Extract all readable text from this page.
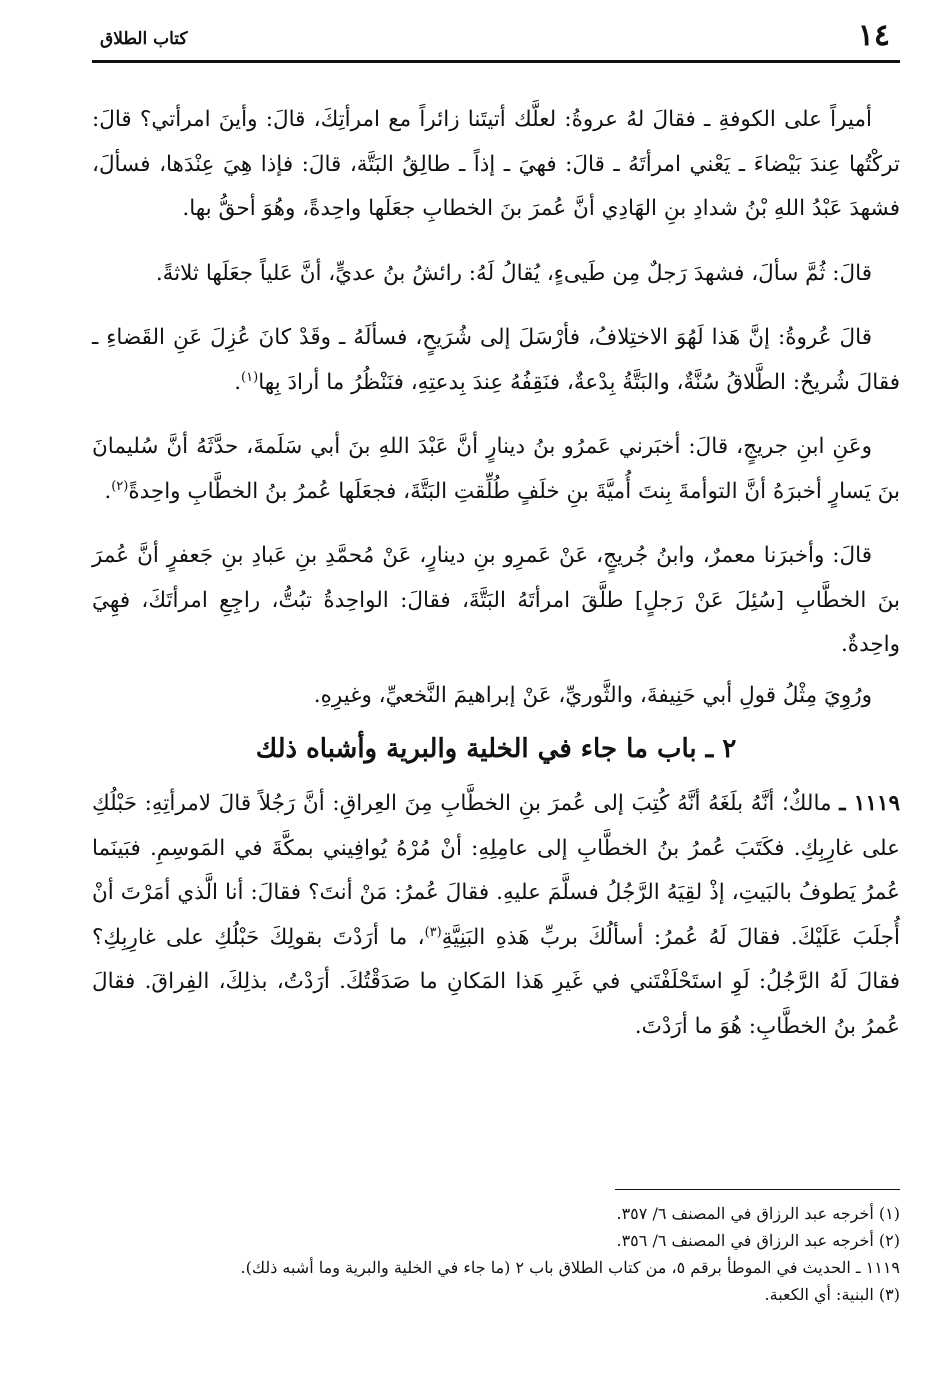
١٤
كتاب الطلاق

أميراً على الكوفةِ ـ فقالَ لهُ عروةُ: لعلَّك أتيتَنا زائراً مع امرأتِكَ، قالَ: وأينَ امرأتي؟ قالَ: تركْتُها عِندَ بَيْضاءَ ـ يَعْني امرأتَهُ ـ قالَ: فهيَ ـ إذاً ـ طالِقُ البَتَّة، قالَ: فإذا هِيَ عِنْدَها، فسألَ، فشهدَ عَبْدُ اللهِ بْنُ شدادِ بنِ الهَادِي أنَّ عُمرَ بنَ الخطابِ جعَلَها واحِدةً، وهُوَ أحقُّ بها.

قالَ: ثُمَّ سألَ، فشهدَ رَجلٌ مِن طَيىءٍ، يُقالُ لَهُ: رائشُ بنُ عديٍّ، أنَّ عَلياً جعَلَها ثلاثةً.

قالَ عُروةُ: إنَّ هَذا لَهُوَ الاختِلافُ، فأرْسَلَ إلى شُرَيحٍ، فسألَهُ ـ وقَدْ كانَ عُزِلَ عَنِ القَضاءِ ـ فقالَ شُريحٌ: الطَّلاقُ سُنَّةٌ، والبَتَّةُ بِدْعةٌ، فنَقِفُهُ عِندَ بِدعتِهِ، فنَنْظُرُ ما أرادَ بِها$^{(١)}$.

وعَنِ ابنِ جريجٍ، قالَ: أخبَرني عَمرُو بنُ دينارٍ أنَّ عَبْدَ اللهِ بنَ أبي سَلَمةَ، حدَّثَهُ أنَّ سُليمانَ بنَ يَسارٍ أخبرَهُ أنَّ التوأمةَ بِنتَ أُميَّةَ بنِ خلَفٍ طُلِّقتِ البَتَّةَ، فجعَلَها عُمرُ بنُ الخطَّابِ واحِدةً$^{(٢)}$.

قالَ: وأخبرَنا معمرٌ، وابنُ جُريجٍ، عَنْ عَمرِو بنِ دينارٍ، عَنْ مُحمَّدِ بنِ عَبادِ بنِ جَعفرٍ أنَّ عُمرَ بنَ الخطَّابِ [سُئِلَ عَنْ رَجلٍ] طلَّقَ امرأتَهُ البَتَّةَ، فقالَ: الواحِدةُ تبُتُّ، راجِعِ امرأتَكَ، فهِيَ واحِدةٌ.

ورُوِيَ مِثْلُ قولِ أبي حَنِيفةَ، والثَّوريِّ، عَنْ إبراهيمَ النَّخعيِّ، وغيرِهِ.

٢ ـ باب ما جاء في الخلية والبرية وأشباه ذلك

١١١٩ ـ مالكٌ؛ أنَّهُ بلَغَهُ أنَّهُ كُتِبَ إلى عُمرَ بنِ الخطَّابِ مِنَ العِراقِ: أنَّ رَجُلاً قالَ لامرأتِهِ: حَبْلُكِ على غارِبِكِ. فكَتَبَ عُمرُ بنُ الخطَّابِ إلى عامِلِهِ: أنْ مُرْهُ يُوافِيني بمكَّةَ في المَوسِمِ. فبَينَما عُمرُ يَطوفُ بالبَيتِ، إذْ لقِيَهُ الرَّجُلُ فسلَّمَ عليهِ. فقالَ عُمرُ: مَنْ أنتَ؟ فقالَ: أنا الَّذي أمَرْتَ أنْ أُجلَبَ عَلَيْكَ. فقالَ لَهُ عُمرُ: أسألُكَ بربِّ هَذهِ البَنِيَّةِ$^{(٣)}$، ما أرَدْتَ بقولِكَ حَبْلُكِ على غارِبِكِ؟ فقالَ لَهُ الرَّجُلُ: لَوِ استَحْلَفْتَني في غَيرِ هَذا المَكانِ ما صَدَقْتُكَ. أرَدْتُ، بذلِكَ، الفِراقَ. فقالَ عُمرُ بنُ الخطَّابِ: هُوَ ما أرَدْتَ.

(١) أخرجه عبد الرزاق في المصنف ٦/ ٣٥٧.
(٢) أخرجه عبد الرزاق في المصنف ٦/ ٣٥٦.
١١١٩ ـ الحديث في الموطأ برقم ٥، من كتاب الطلاق باب ٢ (ما جاء في الخلية والبرية وما أشبه ذلك).
(٣) البنية: أي الكعبة.
